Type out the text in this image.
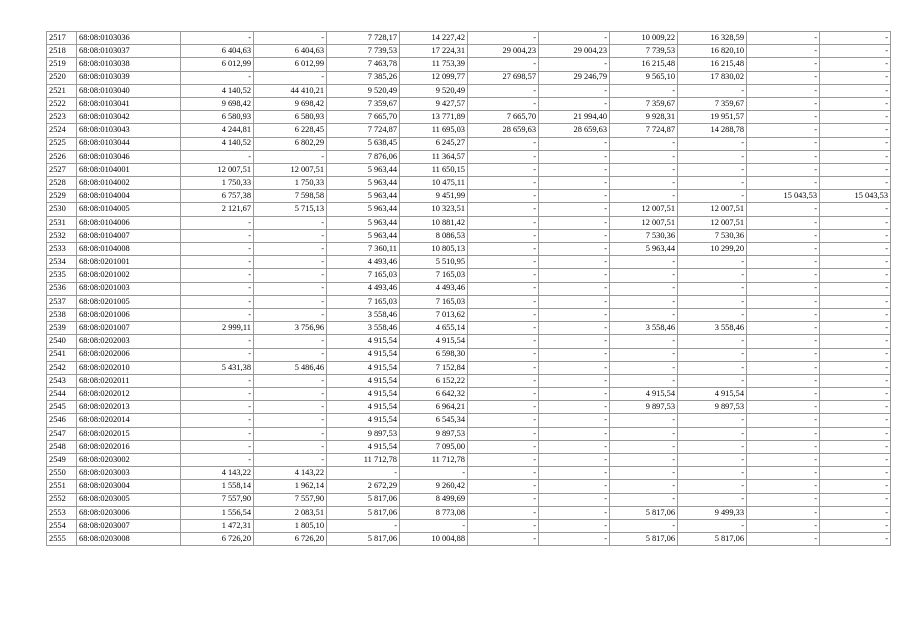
2517	68:08:0103036	-	-	7 728,17	14 227,42	-	-	10 009,22	16 328,59	-	-
2518	68:08:0103037	6 404,63	6 404,63	7 739,53	17 224,31	29 004,23	29 004,23	7 739,53	16 820,10	-	-
2519	68:08:0103038	6 012,99	6 012,99	7 463,78	11 753,39	-	-	16 215,48	16 215,48	-	-
2520	68:08:0103039	-	-	7 385,26	12 099,77	27 698,57	29 246,79	9 565,10	17 830,02	-	-
2521	68:08:0103040	4 140,52	44 410,21	9 520,49	9 520,49	-	-	-	-	-	-
2522	68:08:0103041	9 698,42	9 698,42	7 359,67	9 427,57	-	-	7 359,67	7 359,67	-	-
2523	68:08:0103042	6 580,93	6 580,93	7 665,70	13 771,89	7 665,70	21 994,40	9 928,31	19 951,57	-	-
2524	68:08:0103043	4 244,81	6 228,45	7 724,87	11 695,03	28 659,63	28 659,63	7 724,87	14 288,78	-	-
2525	68:08:0103044	4 140,52	6 802,29	5 638,45	6 245,27	-	-	-	-	-	-
2526	68:08:0103046	-	-	7 876,06	11 364,57	-	-	-	-	-	-
2527	68:08:0104001	12 007,51	12 007,51	5 963,44	11 650,15	-	-	-	-	-	-
2528	68:08:0104002	1 750,33	1 750,33	5 963,44	10 475,11	-	-	-	-	-	-
2529	68:08:0104004	6 757,38	7 598,58	5 963,44	9 451,99	-	-	-	-	15 043,53	15 043,53
2530	68:08:0104005	2 121,67	5 715,13	5 963,44	10 323,51	-	-	12 007,51	12 007,51	-	-
2531	68:08:0104006	-	-	5 963,44	10 881,42	-	-	12 007,51	12 007,51	-	-
2532	68:08:0104007	-	-	5 963,44	8 086,53	-	-	7 530,36	7 530,36	-	-
2533	68:08:0104008	-	-	7 360,11	10 805,13	-	-	5 963,44	10 299,20	-	-
2534	68:08:0201001	-	-	4 493,46	5 510,95	-	-	-	-	-	-
2535	68:08:0201002	-	-	7 165,03	7 165,03	-	-	-	-	-	-
2536	68:08:0201003	-	-	4 493,46	4 493,46	-	-	-	-	-	-
2537	68:08:0201005	-	-	7 165,03	7 165,03	-	-	-	-	-	-
2538	68:08:0201006	-	-	3 558,46	7 013,62	-	-	-	-	-	-
2539	68:08:0201007	2 999,11	3 756,96	3 558,46	4 655,14	-	-	3 558,46	3 558,46	-	-
2540	68:08:0202003	-	-	4 915,54	4 915,54	-	-	-	-	-	-
2541	68:08:0202006	-	-	4 915,54	6 598,30	-	-	-	-	-	-
2542	68:08:0202010	5 431,38	5 486,46	4 915,54	7 152,84	-	-	-	-	-	-
2543	68:08:0202011	-	-	4 915,54	6 152,22	-	-	-	-	-	-
2544	68:08:0202012	-	-	4 915,54	6 642,32	-	-	4 915,54	4 915,54	-	-
2545	68:08:0202013	-	-	4 915,54	6 964,21	-	-	9 897,53	9 897,53	-	-
2546	68:08:0202014	-	-	4 915,54	6 545,34	-	-	-	-	-	-
2547	68:08:0202015	-	-	9 897,53	9 897,53	-	-	-	-	-	-
2548	68:08:0202016	-	-	4 915,54	7 095,00	-	-	-	-	-	-
2549	68:08:0203002	-	-	11 712,78	11 712,78	-	-	-	-	-	-
2550	68:08:0203003	4 143,22	4 143,22	-	-	-	-	-	-	-	-
2551	68:08:0203004	1 558,14	1 962,14	2 672,29	9 260,42	-	-	-	-	-	-
2552	68:08:0203005	7 557,90	7 557,90	5 817,06	8 499,69	-	-	-	-	-	-
2553	68:08:0203006	1 556,54	2 083,51	5 817,06	8 773,08	-	-	5 817,06	9 499,33	-	-
2554	68:08:0203007	1 472,31	1 805,10	-	-	-	-	-	-	-	-
2555	68:08:0203008	6 726,20	6 726,20	5 817,06	10 004,88	-	-	5 817,06	5 817,06	-	-
